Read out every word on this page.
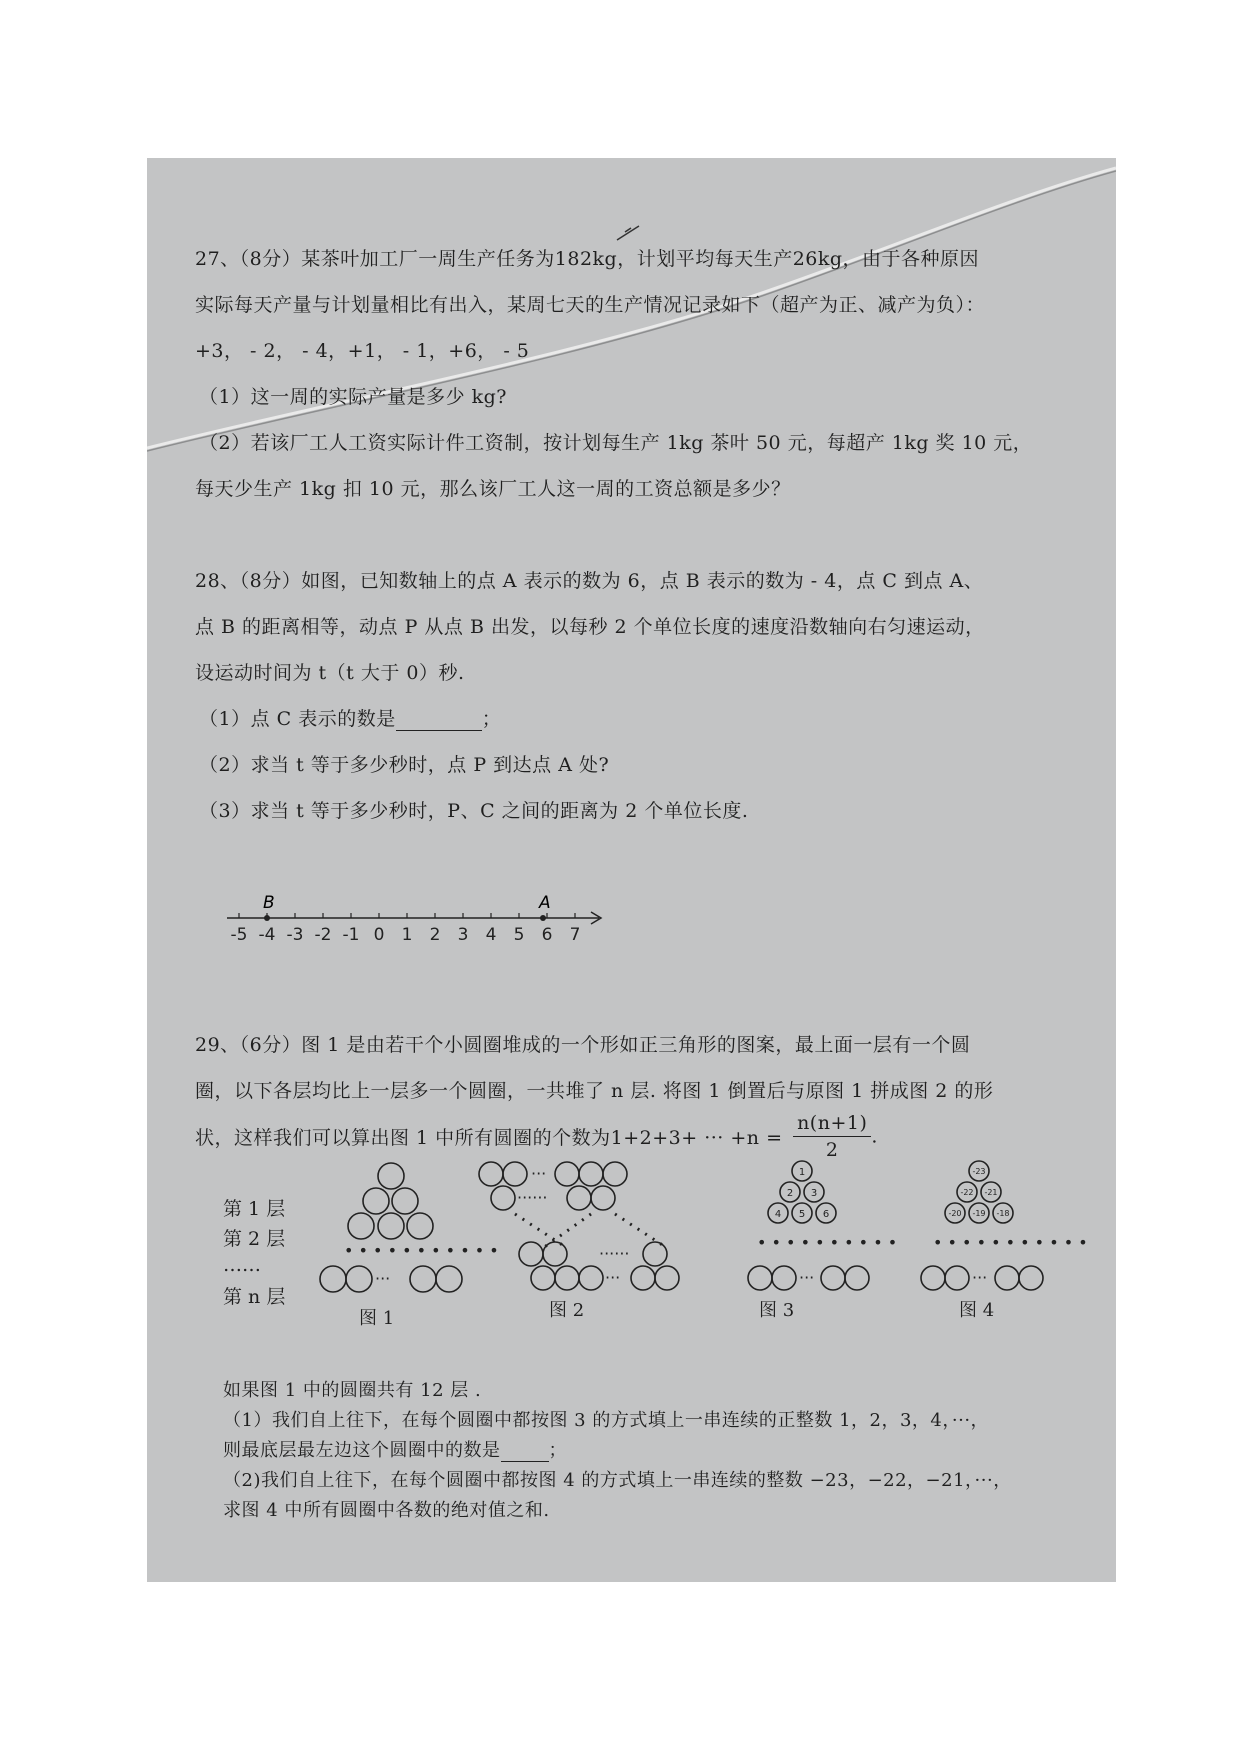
27、（8分）某茶叶加工厂一周生产任务为182kg，计划平均每天生产26kg，由于各种原因
实际每天产量与计划量相比有出入，某周七天的生产情况记录如下（超产为正、减产为负）：
+3， - 2， - 4，+1， - 1，+6， - 5
（1）这一周的实际产量是多少 kg?
（2）若该厂工人工资实际计件工资制，按计划每生产 1kg 茶叶 50 元，每超产 1kg 奖 10 元，
每天少生产 1kg 扣 10 元，那么该厂工人这一周的工资总额是多少？
28、（8分）如图，已知数轴上的点 A 表示的数为 6，点 B 表示的数为 - 4，点 C 到点 A、
点 B 的距离相等，动点 P 从点 B 出发，以每秒 2 个单位长度的速度沿数轴向右匀速运动，
设运动时间为 t（t 大于 0）秒.
（1）点 C 表示的数是	；
（2）求当 t 等于多少秒时，点 P 到达点 A 处?
（3）求当 t 等于多少秒时，P、C 之间的距离为 2 个单位长度.
-5 -4 -3 -2 -1 0 1 2 3 4 5 6 7
B	A
29、（6分）图 1 是由若干个小圆圈堆成的一个形如正三角形的图案，最上面一层有一个圆
圈，以下各层均比上一层多一个圆圈，一共堆了 n 层. 将图 1 倒置后与原图 1 拼成图 2 的形
状，这样我们可以算出图 1 中所有圆圈的个数为1+2+3+ ··· $+n = \frac{n(n+1)}{2}$ .
第 1 层
第 2 层
……
第 n 层
• • • • • • • • • • •
···
···
······
······
···
• • • • • • • • • •
···
1
2 3
4 5 6
• • • • • • • • • • •
···
-23
-22 -21
-20 -19 -18
图 1	图 2	图 3	图 4
如果图 1 中的圆圈共有 12 层 .
（1）我们自上往下，在每个圆圈中都按图 3 的方式填上一串连续的正整数 1，2，3，4，···，
则最底层最左边这个圆圈中的数是	；
（2)我们自上往下，在每个圆圈中都按图 4 的方式填上一串连续的整数 −23，−22，−21，···，
求图 4 中所有圆圈中各数的绝对值之和.
